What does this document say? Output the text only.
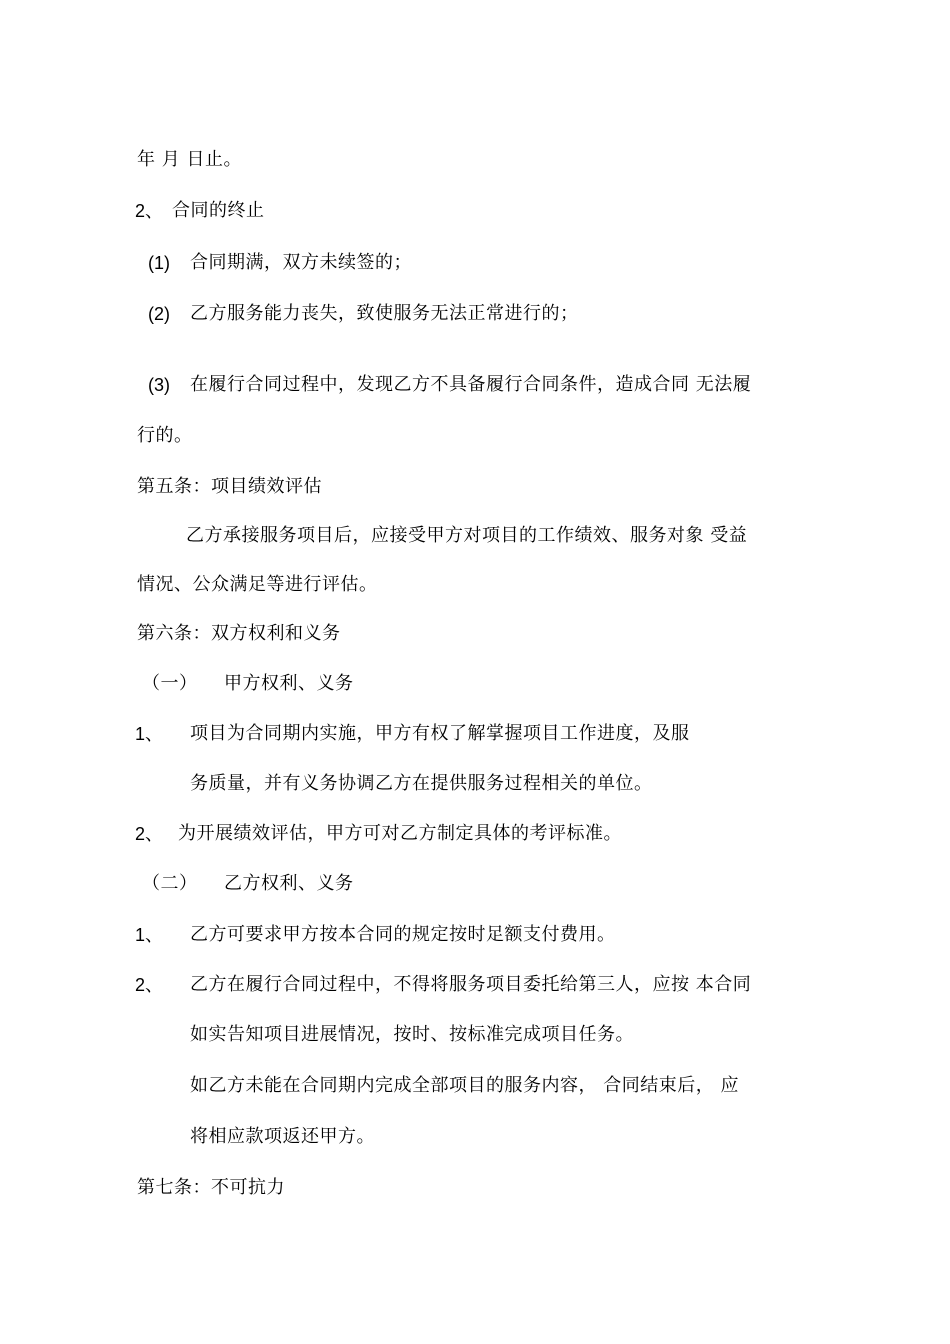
年 月 日止。
2、 合同的终止
(1) 合同期满，双方未续签的；
(2) 乙方服务能力丧失，致使服务无法正常进行的；
(3) 在履行合同过程中，发现乙方不具备履行合同条件，造成合同 无法履
行的。
第五条：项目绩效评估
乙方承接服务项目后，应接受甲方对项目的工作绩效、服务对象 受益
情况、公众满足等进行评估。
第六条：双方权利和义务
（一） 甲方权利、义务
1、 项目为合同期内实施，甲方有权了解掌握项目工作进度，及服
务质量，并有义务协调乙方在提供服务过程相关的单位。
2、 为开展绩效评估，甲方可对乙方制定具体的考评标准。
（二） 乙方权利、义务
1、 乙方可要求甲方按本合同的规定按时足额支付费用。
2、 乙方在履行合同过程中，不得将服务项目委托给第三人，应按 本合同
如实告知项目进展情况，按时、按标准完成项目任务。
如乙方未能在合同期内完成全部项目的服务内容， 合同结束后， 应
将相应款项返还甲方。
第七条：不可抗力
